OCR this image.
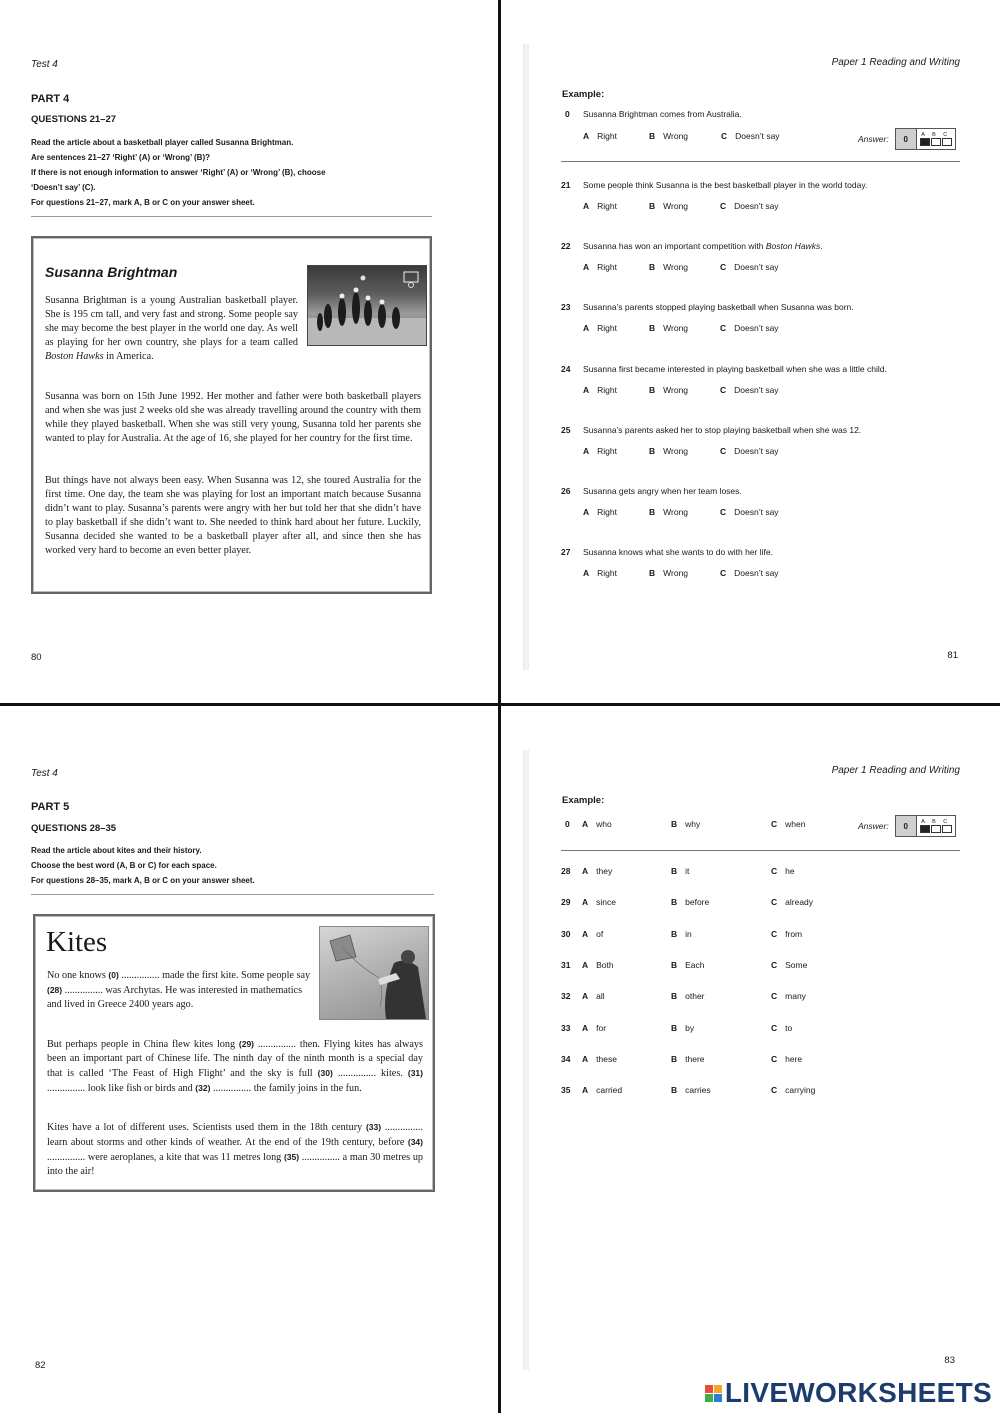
Test 4
PART 4
QUESTIONS 21–27
Read the article about a basketball player called Susanna Brightman.
Are sentences 21–27 ‘Right’ (A) or ‘Wrong’ (B)?
If there is not enough information to answer ‘Right’ (A) or ‘Wrong’ (B), choose
‘Doesn’t say’ (C).
For questions 21–27, mark A, B or C on your answer sheet.
Susanna Brightman

Susanna Brightman is a young Australian basketball player. She is 195 cm tall, and very fast and strong. Some people say she may become the best player in the world one day. As well as playing for her own country, she plays for a team called Boston Hawks in America.

Susanna was born on 15th June 1992. Her mother and father were both basketball players and when she was just 2 weeks old she was already travelling around the country with them while they played basketball. When she was still very young, Susanna told her parents she wanted to play for Australia. At the age of 16, she played for her country for the first time.

But things have not always been easy. When Susanna was 12, she toured Australia for the first time. One day, the team she was playing for lost an important match because Susanna didn’t want to play. Susanna’s parents were angry with her but told her that she didn’t have to play basketball if she didn’t want to. She needed to think hard about her future. Luckily, Susanna decided she wanted to be a basketball player after all, and since then she has worked very hard to become an even better player.

80
Paper 1 Reading and Writing
Example:
0 Susanna Brightman comes from Australia.
A Right	B Wrong	C Doesn’t say	Answer:	0	A B C
21 Some people think Susanna is the best basketball player in the world today.
A Right	B Wrong	C Doesn’t say
22 Susanna has won an important competition with Boston Hawks.
A Right	B Wrong	C Doesn’t say
23 Susanna’s parents stopped playing basketball when Susanna was born.
A Right	B Wrong	C Doesn’t say
24 Susanna first became interested in playing basketball when she was a little child.
A Right	B Wrong	C Doesn’t say
25 Susanna’s parents asked her to stop playing basketball when she was 12.
A Right	B Wrong	C Doesn’t say
26 Susanna gets angry when her team loses.
A Right	B Wrong	C Doesn’t say
27 Susanna knows what she wants to do with her life.
A Right	B Wrong	C Doesn’t say
81
Test 4
PART 5
QUESTIONS 28–35
Read the article about kites and their history.
Choose the best word (A, B or C) for each space.
For questions 28–35, mark A, B or C on your answer sheet.
Kites

No one knows (0) ............... made the first kite. Some people say (28) ............... was Archytas. He was interested in mathematics and lived in Greece 2400 years ago.

But perhaps people in China flew kites long (29) ............... then. Flying kites has always been an important part of Chinese life. The ninth day of the ninth month is a special day that is called ‘The Feast of High Flight’ and the sky is full (30) ............... kites. (31) ............... look like fish or birds and (32) ............... the family joins in the fun.

Kites have a lot of different uses. Scientists used them in the 18th century (33) ............... learn about storms and other kinds of weather. At the end of the 19th century, before (34) ............... were aeroplanes, a kite that was 11 metres long (35) ............... a man 30 metres up into the air!

82
Paper 1 Reading and Writing
Example:
0 A who	B why	C when	Answer:	0	A B C
28 A they	B it	C he
29 A since	B before	C already
30 A of	B in	C from
31 A Both	B Each	C Some
32 A all	B other	C many
33 A for	B by	C to
34 A these	B there	C here
35 A carried	B carries	C carrying
83
LIVEWORKSHEETS
